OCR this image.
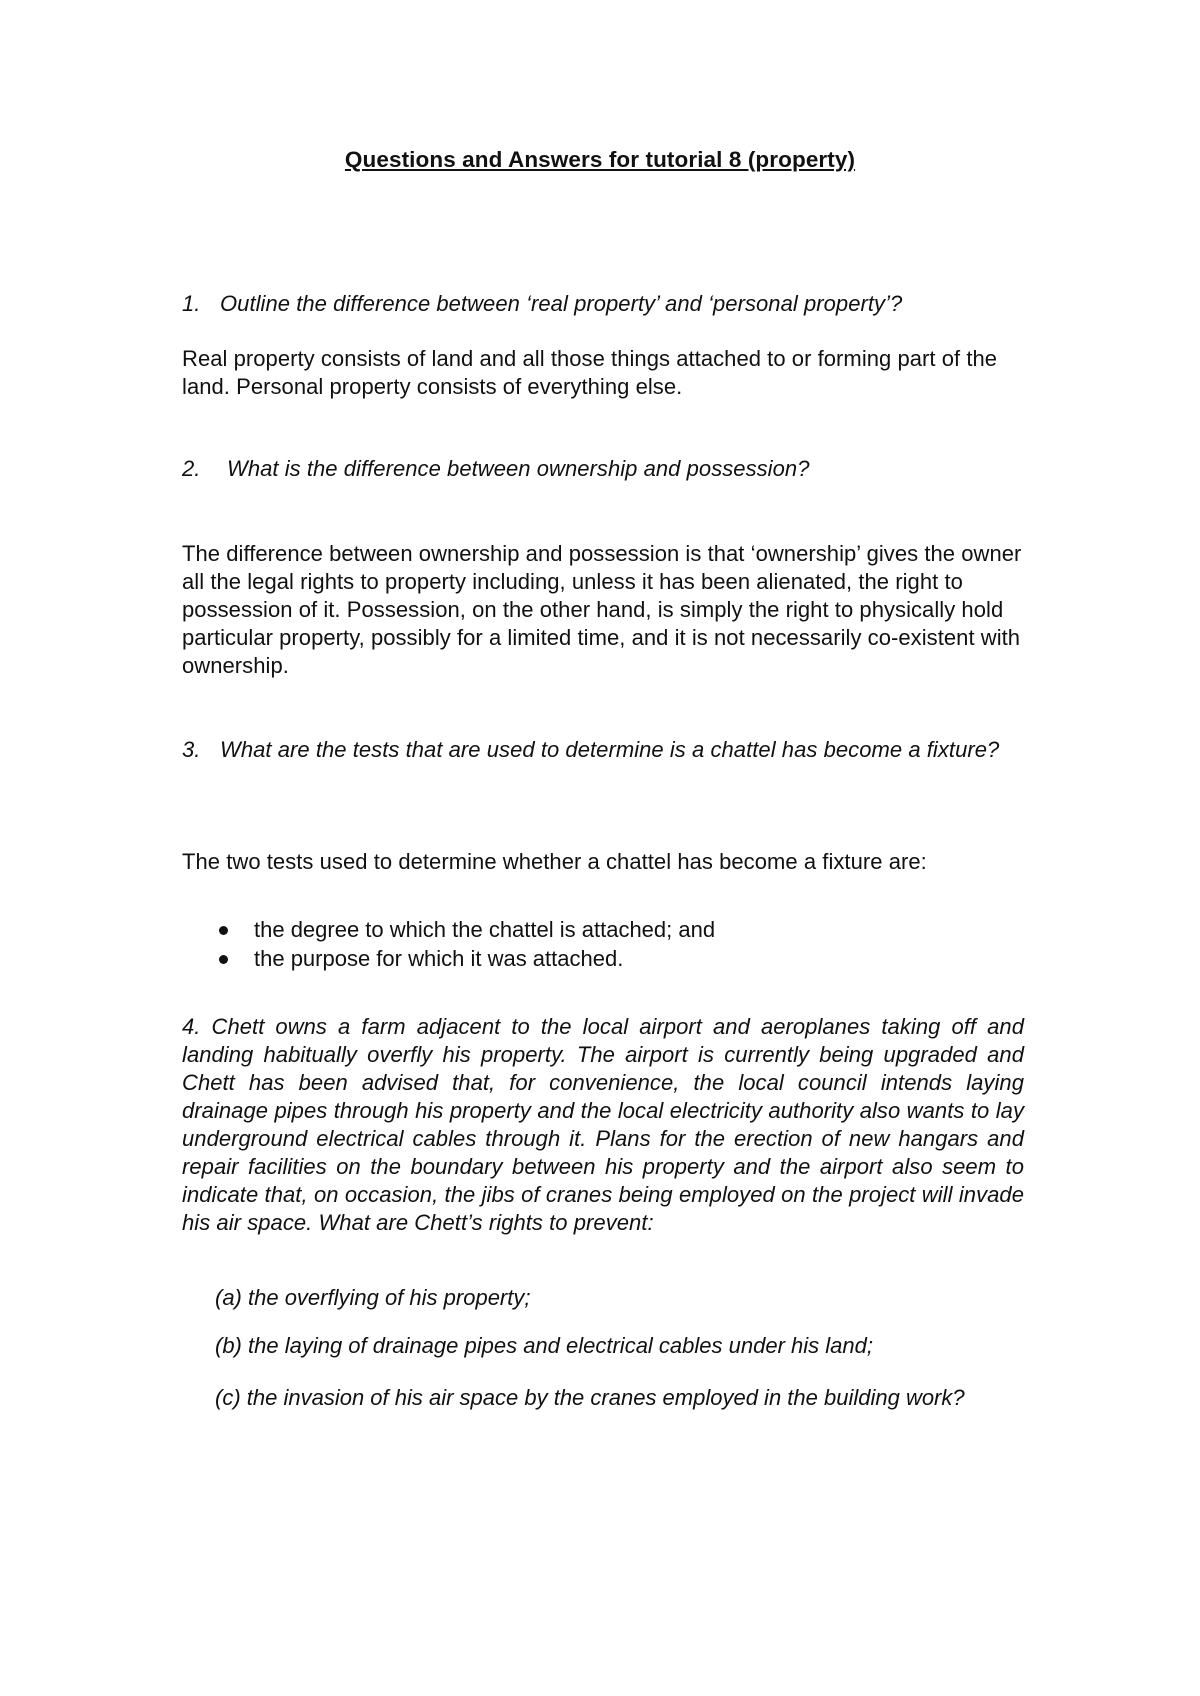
Questions and Answers for tutorial 8 (property)
1. Outline the difference between ‘real property’ and ‘personal property’?
Real property consists of land and all those things attached to or forming part of the land. Personal property consists of everything else.
2. What is the difference between ownership and possession?
The difference between ownership and possession is that ‘ownership’ gives the owner all the legal rights to property including, unless it has been alienated, the right to possession of it. Possession, on the other hand, is simply the right to physically hold particular property, possibly for a limited time, and it is not necessarily co-existent with ownership.
3. What are the tests that are used to determine is a chattel has become a fixture?
The two tests used to determine whether a chattel has become a fixture are:
the degree to which the chattel is attached; and
the purpose for which it was attached.
4. Chett owns a farm adjacent to the local airport and aeroplanes taking off and landing habitually overfly his property. The airport is currently being upgraded and Chett has been advised that, for convenience, the local council intends laying drainage pipes through his property and the local electricity authority also wants to lay underground electrical cables through it. Plans for the erection of new hangars and repair facilities on the boundary between his property and the airport also seem to indicate that, on occasion, the jibs of cranes being employed on the project will invade his air space. What are Chett’s rights to prevent:
(a) the overflying of his property;
(b) the laying of drainage pipes and electrical cables under his land;
(c) the invasion of his air space by the cranes employed in the building work?
